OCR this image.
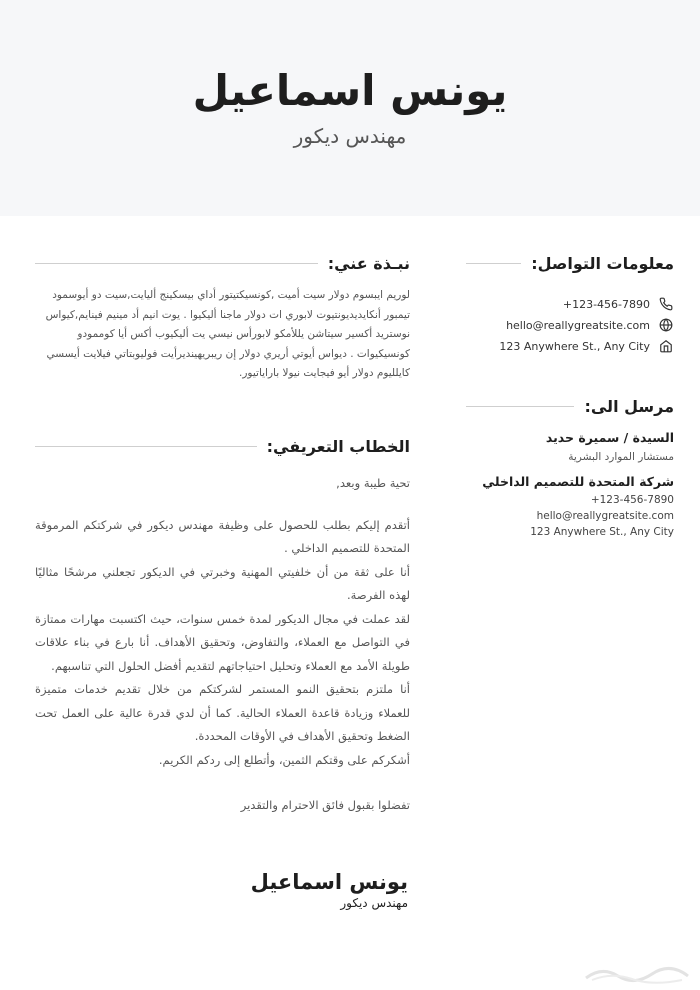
يونس اسماعيل
مهندس ديكور
معلومات التواصل:
+123-456-7890
hello@reallygreatsite.com
123 Anywhere St., Any City
مرسل الى:
السيدة / سميرة حديد
مستشار الموارد البشرية
شركة المتحدة للتصميم الداخلي
+123-456-7890
hello@reallygreatsite.com
123 Anywhere St., Any City
نبـذة عني:
لوريم ايبسوم دولار سيت أميت ,كونسيكتيتور أداي بيسكينج أليايت,سيت دو أيوسمود تيمبور أنكايديديونتيوت لابوري ات دولار ماجنا أليكيوا . يوت انيم أد مينيم فينايم,كيواس نوستريد أكسير سيتاشن يللأمكو لابورأس نيسي يت أليكيوب أكس أيا كوممودو كونسيكيوات . ديواس أيوتي أريري دولار إن ريبريهينديرأيت فوليوبتاتي فيلايت أيسسي كايلليوم دولار أيو فيجايت نيولا باراياتيور.
الخطاب التعريفي:

تحية طيبة وبعد,

أتقدم إليكم بطلب للحصول على وظيفة مهندس ديكور في شركتكم المرموقة المتحدة للتصميم الداخلي .

أنا على ثقة من أن خلفيتي المهنية وخبرتي في الديكور تجعلني مرشحًا مثاليًا لهذه الفرصة.

لقد عملت في مجال الديكور لمدة خمس سنوات، حيث اكتسبت مهارات ممتازة في التواصل مع العملاء، والتفاوض، وتحقيق الأهداف. أنا بارع في بناء علاقات طويلة الأمد مع العملاء وتحليل احتياجاتهم لتقديم أفضل الحلول التي تناسبهم.

أنا ملتزم بتحقيق النمو المستمر لشركتكم من خلال تقديم خدمات متميزة للعملاء وزيادة قاعدة العملاء الحالية. كما أن لدي قدرة عالية على العمل تحت الضغط وتحقيق الأهداف في الأوقات المحددة.

أشكركم على وقتكم الثمين، وأتطلع إلى ردكم الكريم.

تفضلوا بقبول فائق الاحترام والتقدير

يونس اسماعيل
مهندس ديكور
